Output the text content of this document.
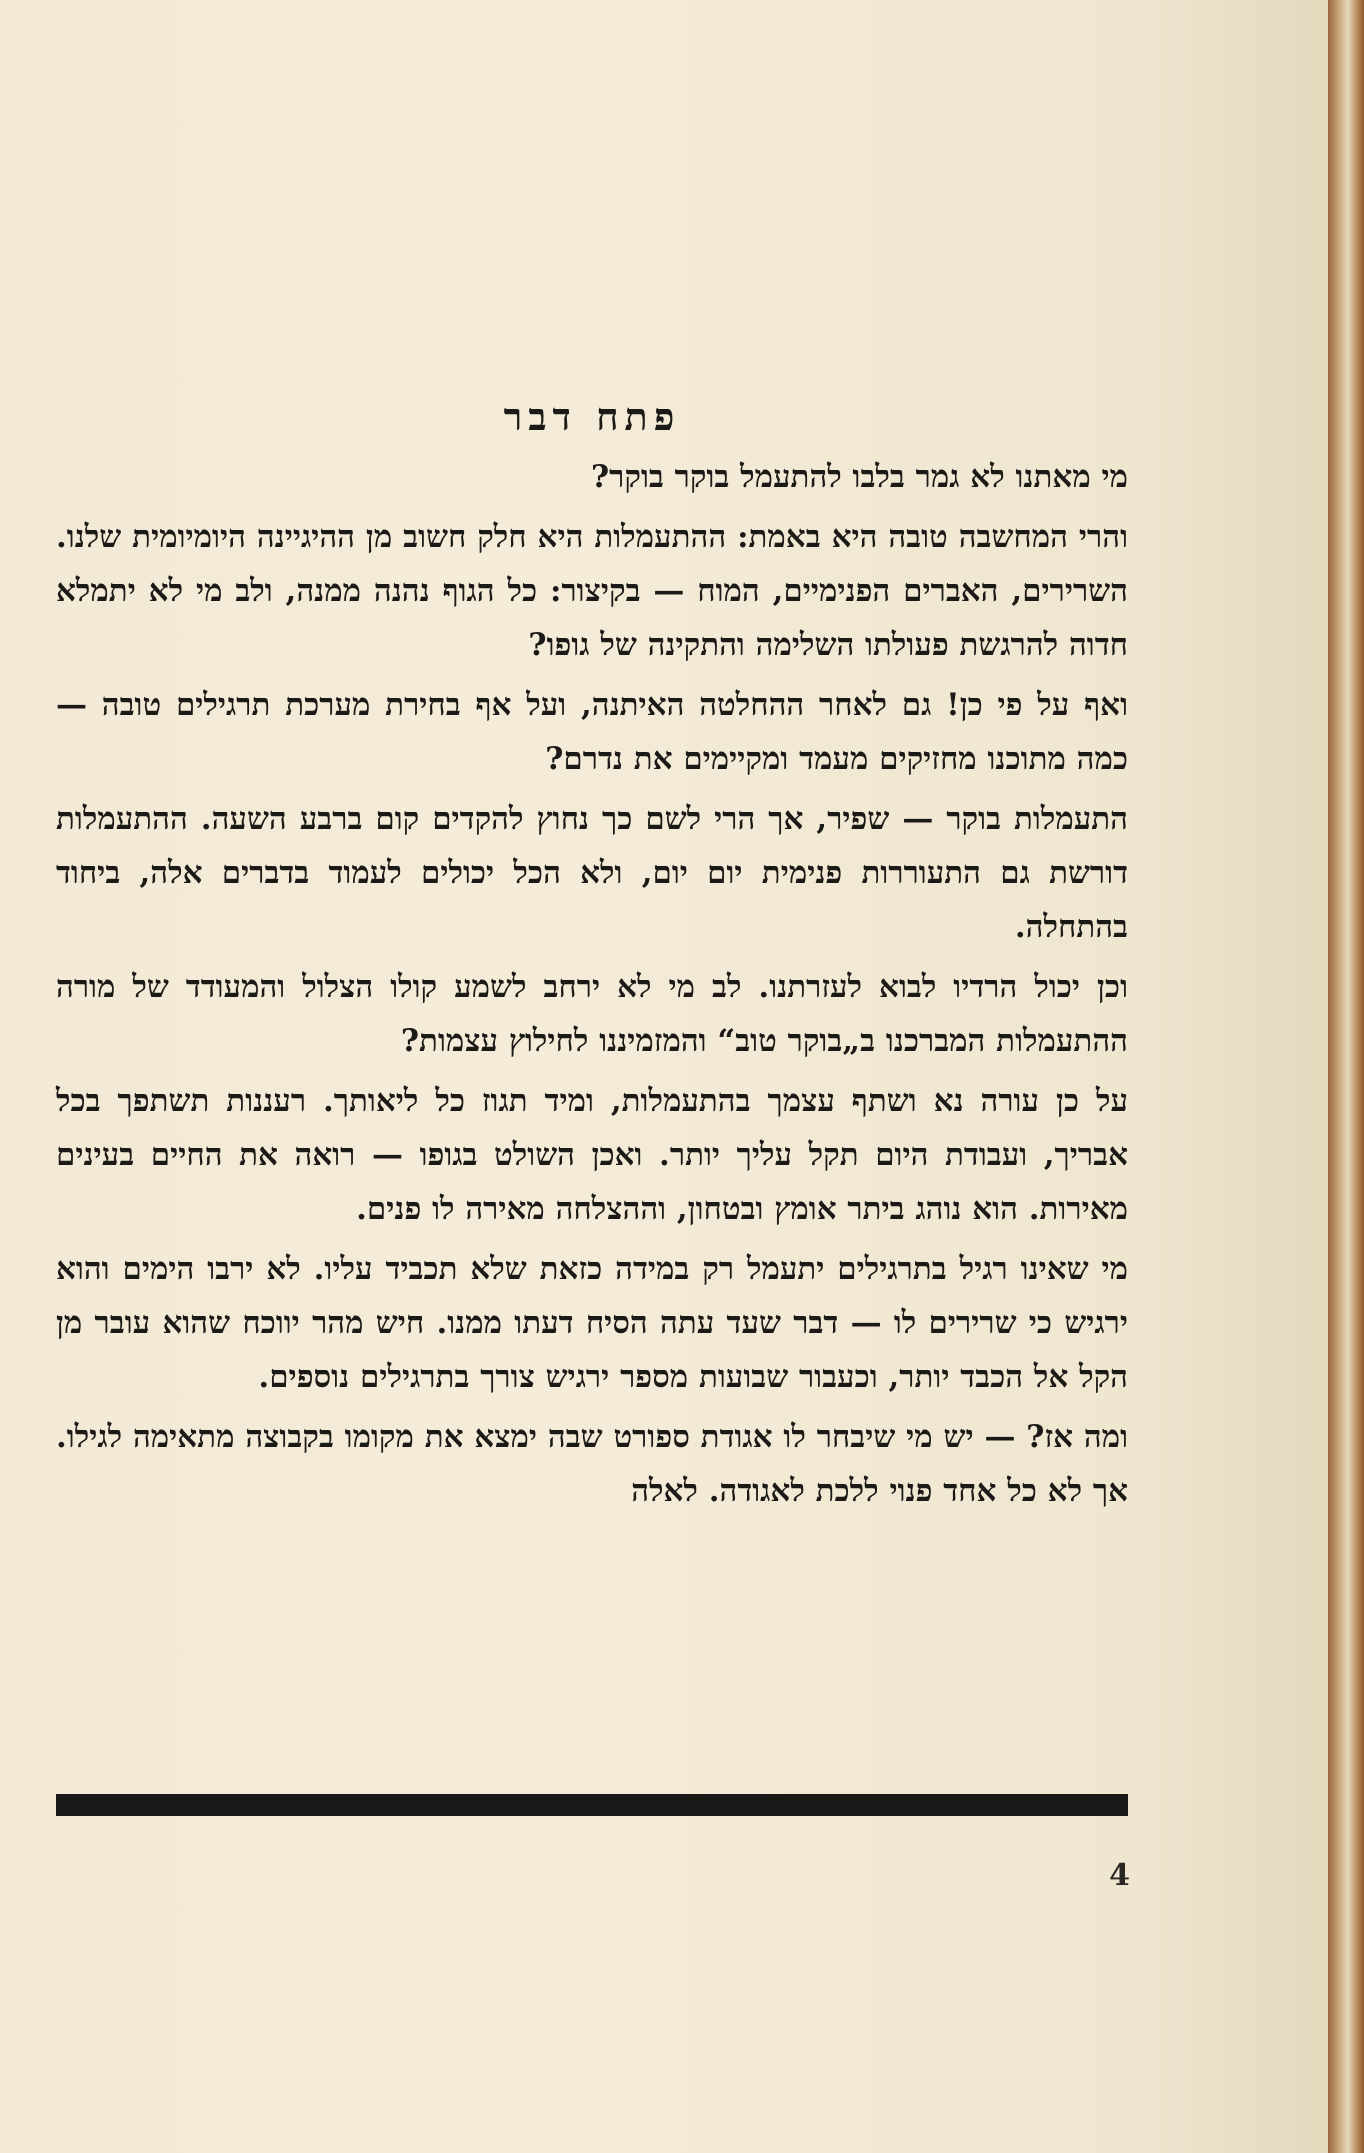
פתח דבר

מי מאתנו לא גמר בלבו להתעמל בוקר בוקר?

והרי המחשבה טובה היא באמת: ההתעמלות היא חלק חשוב מן ההיגיינה היומיומית שלנו. השרירים, האברים הפנימיים, המוח — בקיצור: כל הגוף נהנה ממנה, ולב מי לא יתמלא חדוה להרגשת פעולתו השלימה והתקינה של גופו?

ואף על פי כן! גם לאחר ההחלטה האיתנה, ועל אף בחירת מערכת תרגילים טובה — כמה מתוכנו מחזיקים מעמד ומקיימים את נדרם?

התעמלות בוקר — שפיר, אך הרי לשם כך נחוץ להקדים קום ברבע השעה. ההתעמלות דורשת גם התעוררות פנימית יום יום, ולא הכל יכולים לעמוד בדברים אלה, ביחוד בהתחלה.

וכן יכול הרדיו לבוא לעזרתנו. לב מי לא ירחב לשמע קולו הצלול והמעודד של מורה ההתעמלות המברכנו ב„בוקר טוב“ והמזמיננו לחילוץ עצמות?

על כן עורה נא ושתף עצמך בהתעמלות, ומיד תגוז כל ליאותך. רעננות תשתפך בכל אבריך, ועבודת היום תקל עליך יותר. ואכן השולט בגופו — רואה את החיים בעינים מאירות. הוא נוהג ביתר אומץ ובטחון, וההצלחה מאירה לו פנים.

מי שאינו רגיל בתרגילים יתעמל רק במידה כזאת שלא תכביד עליו. לא ירבו הימים והוא ירגיש כי שרירים לו — דבר שעד עתה הסיח דעתו ממנו. חיש מהר יווכח שהוא עובר מן הקל אל הכבד יותר, וכעבור שבועות מספר ירגיש צורך בתרגילים נוספים.

ומה אז? — יש מי שיבחר לו אגודת ספורט שבה ימצא את מקומו בקבוצה מתאימה לגילו. אך לא כל אחד פנוי ללכת לאגודה. לאלה

4
